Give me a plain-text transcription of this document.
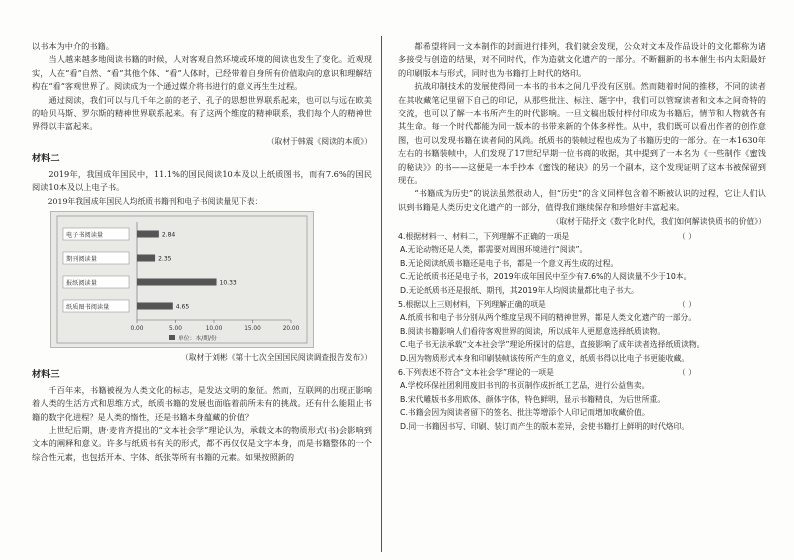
以书本为中介的书籍。

当人越来越多地阅读书籍的时候，人对客观自然环境或环境的阅读也发生了变化。近观现实，人在“看”自然、“看”其他个体、“看”人体时，已经带着自身所有价值取向的意识和理解结构在“看”客观世界了。阅读成为一个通过媒介将书进行的意义再生生过程。

通过阅读，我们可以与几千年之前的老子、孔子的思想世界联系起来，也可以与远在欧美的哈贝马斯、罗尔斯的精神世界联系起来。有了这两个维度的精神联系，我们每个人的精神世界得以丰富起来。

（取材于韩震《阅读的本质》）

材料二

2019年，我国成年国民中，11.1%的国民阅读10本及以上纸质图书，而有7.6%的国民阅读10本及以上电子书。

2019年我国成年国民人均纸质书籍刊和电子书阅读量见下表：

电子书阅读量	2.84
期刊阅读量	2.35
报纸阅读量	10.33
纸质图书阅读量	4.65
0.00	5.00	10.00	15.00	20.00
单位：本/期/份

（取材于刘彬《第十七次全国国民阅读调查报告发布》）

材料三

千百年来，书籍被视为人类文化的标志，是发达文明的象征。然而，互联网的出现正影响着人类的生活方式和思维方式，纸质书籍的发展也面临着前所未有的挑战。还有什么能阻止书籍的数字化进程？是人类的惰性，还是书籍本身蕴藏的价值？

上世纪后期，唐·麦肯齐提出的“文本社会学”理论认为，承载文本的物质形式(书)会影响到文本的阐释和意义。许多与纸质书有关的形式，都不再仅仅是文字本身，而是书籍整体的一个综合性元素，也包括开本、字体、纸张等所有书籍的元素。如果按照新的

都希望将同一文本制作的封面进行排列，我们就会发现，公众对文本及作品设计的文化都称为诸多接受与创造的结果，对不同时代，作为造就文化遗产的一部分。不断翻新的书本催生书内太阳最好的印刷版本与形式，同时也为书籍打上时代的烙印。

抗战印制技术的发展使得同一本书的书本之间几乎没有区别。然而随着时间的推移，不同的读者在其收藏笔记里留下自己的印记，从那些批注、标注、题字中，我们可以管窥读者和文本之间奇特的交流，也可以了解一本书所产生的时代影响。一旦文稿出版付梓付印成为书籍后，情节和人物就各有其生命。每一个时代都能为同一版本的书带来新的个体多样性。从中，我们既可以看出作者的创作意图，也可以发现书籍在读者间的风尚。纸质书的装帧过程也成为了书籍历史的一部分。在一本1630年左右的书籍装帧中，人们发现了17世纪早期一位书商的收据，其中提到了一本名为《一些制作《蜜饯的秘诀》》的书——这便是一本手抄本《蜜饯的秘诀》的另一个副本，这个发现证明了这本书被保留到现在。

“书籍成为历史”的说法虽然很动人，但“历史”的含义同样包含着不断被认识的过程，它让人们认识到书籍是人类历史文化遗产的一部分，值得我们继续保存和珍惜好丰富起来。

（取材于陆抒文《数字化时代，我们如何解读快质书的价值》）

4.根据材料一、材料二，下列理解不正确的一项是	（ ）
A.无论动物还是人类，都需要对周围环境进行“阅读”。
B.无论阅读纸质书籍还是电子书，都是一个意义再生成的过程。
C.无论纸质书还是电子书，2019年成年国民中至少有7.6%的人阅读量不少于10本。
D.无论纸质书还是报纸、期刊，其2019年人均阅读量都比电子书大。
5.根据以上三则材料，下列理解正确的项是	（ ）
A.纸质书和电子书分别从两个维度呈现不同的精神世界，都是人类文化遗产的一部分。
B.阅读书籍影响人们看待客观世界的阅读，所以成年人更愿意选择纸质读物。
C.电子书无法承载“文本社会学”理论所探讨的信息，直接影响了成年读者选择纸质读物。
D.因为物质形式本身和印刷装帧该传所产生的意义，纸质书得以比电子书更能收藏。
6.下列表述不符合“文本社会学”理论的一项是	（ ）
A.学校环保社团利用废旧书刊的书页制作成折纸工艺品，进行公益售卖。
B.宋代雕版书多用欧体、颜体字体，特色鲜明，显示书籍精良，为后世所重。
C.书籍会因为阅读者留下的签名、批注等增添个人印记而增加收藏价值。
D.同一书籍因书写、印刷、装订而产生的版本差异，会使书籍打上鲜明的时代烙印。
